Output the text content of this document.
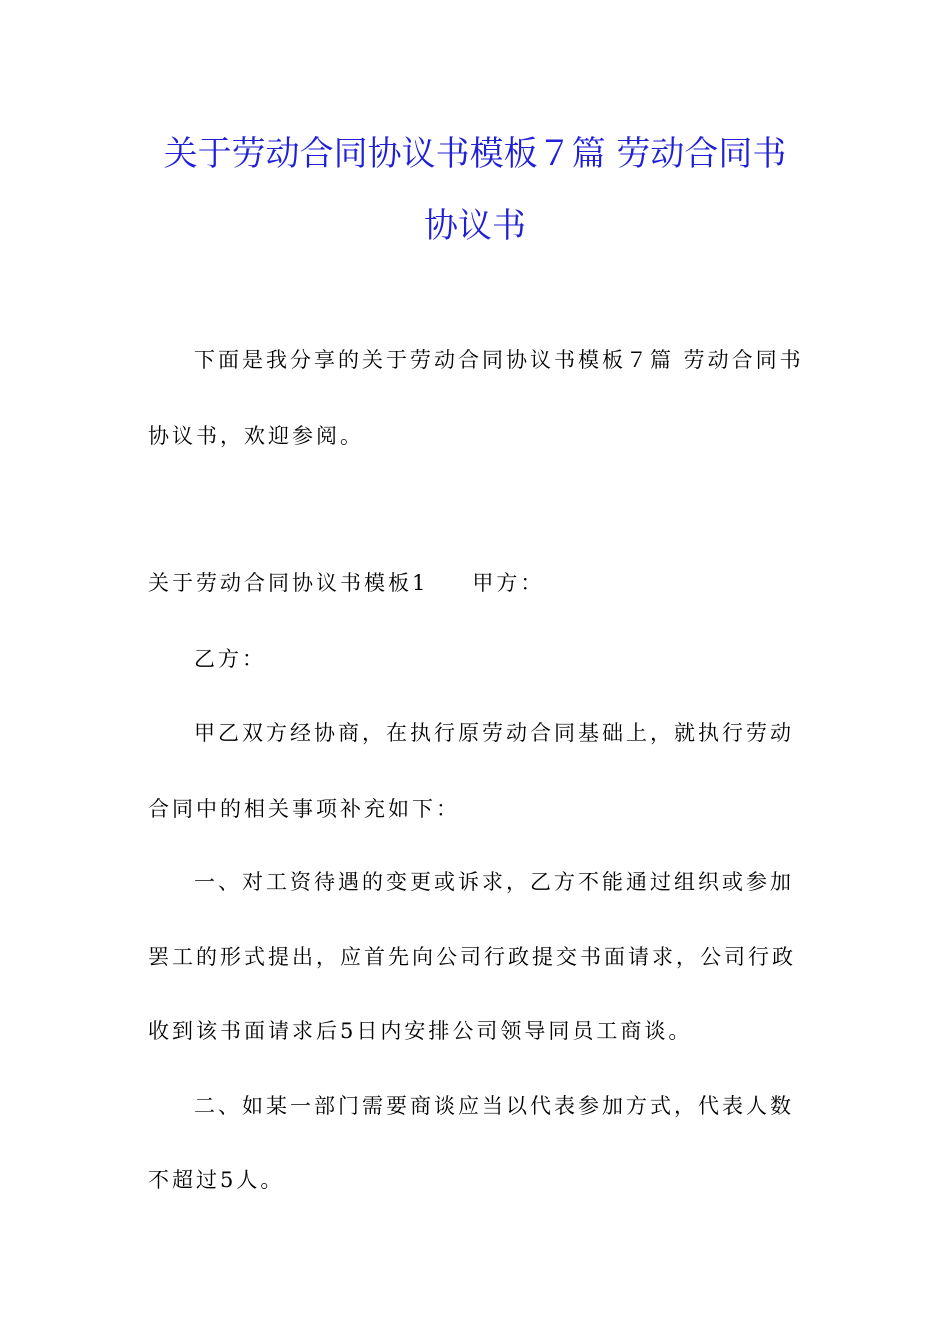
关于劳动合同协议书模板７篇 劳动合同书
协议书
下面是我分享的关于劳动合同协议书模板７篇 劳动合同书
协议书，欢迎参阅。
关于劳动合同协议书模板1 甲方：
乙方：
甲乙双方经协商，在执行原劳动合同基础上，就执行劳动
合同中的相关事项补充如下：
一、对工资待遇的变更或诉求，乙方不能通过组织或参加
罢工的形式提出，应首先向公司行政提交书面请求，公司行政
收到该书面请求后5日内安排公司领导同员工商谈。
二、如某一部门需要商谈应当以代表参加方式，代表人数
不超过5人。
